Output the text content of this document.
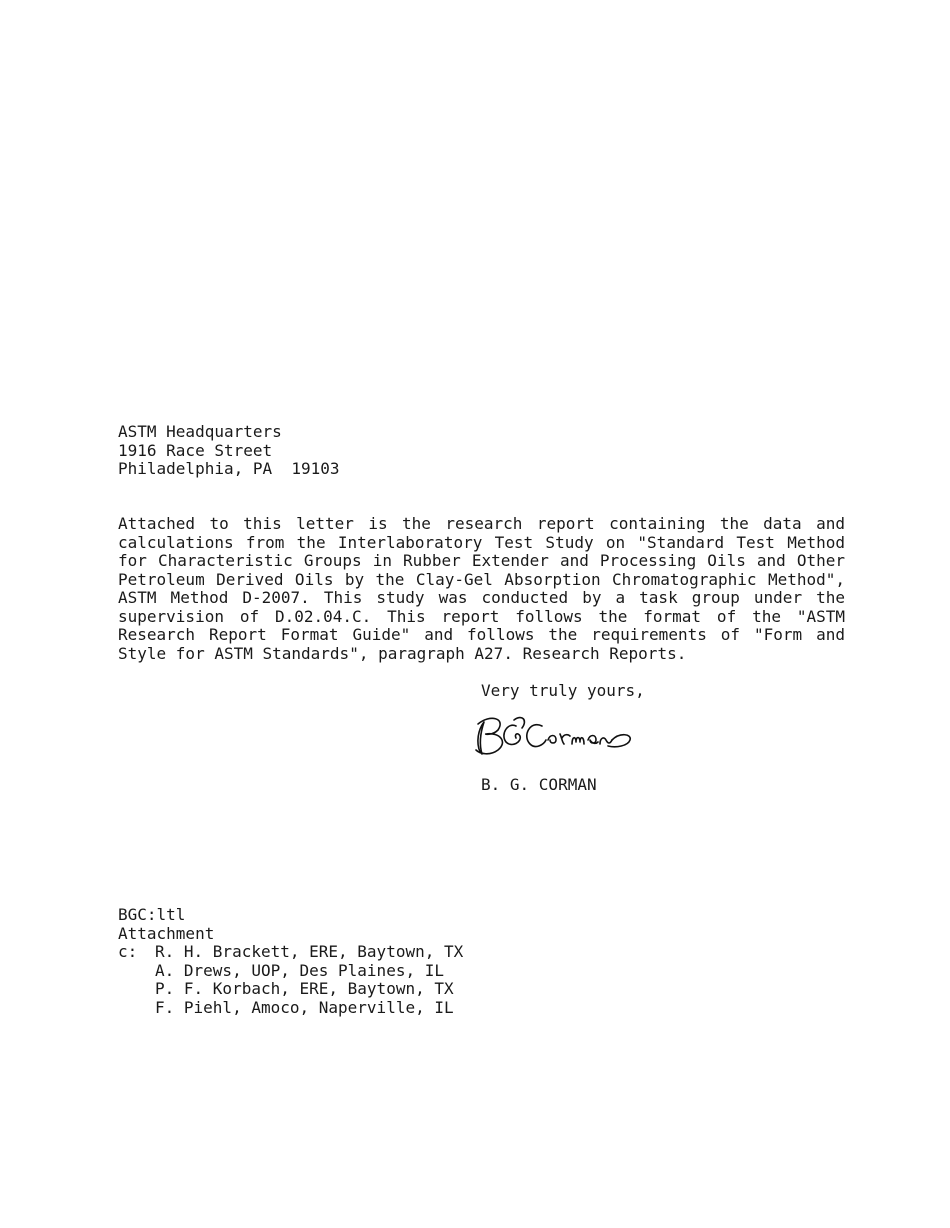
ASTM Headquarters
1916 Race Street
Philadelphia, PA  19103
Attached to this letter is the research report containing the data and calculations from the Interlaboratory Test Study on "Standard Test Method for Characteristic Groups in Rubber Extender and Processing Oils and Other Petroleum Derived Oils by the Clay-Gel Absorption Chromatographic Method", ASTM Method D-2007. This study was conducted by a task group under the supervision of D.02.04.C. This report follows the format of the "ASTM Research Report Format Guide" and follows the requirements of "Form and Style for ASTM Standards", paragraph A27. Research Reports.
Very truly yours,
B. G. CORMAN
BGC:ltl
Attachment
c:	R. H. Brackett, ERE, Baytown, TX
A. Drews, UOP, Des Plaines, IL
P. F. Korbach, ERE, Baytown, TX
F. Piehl, Amoco, Naperville, IL
